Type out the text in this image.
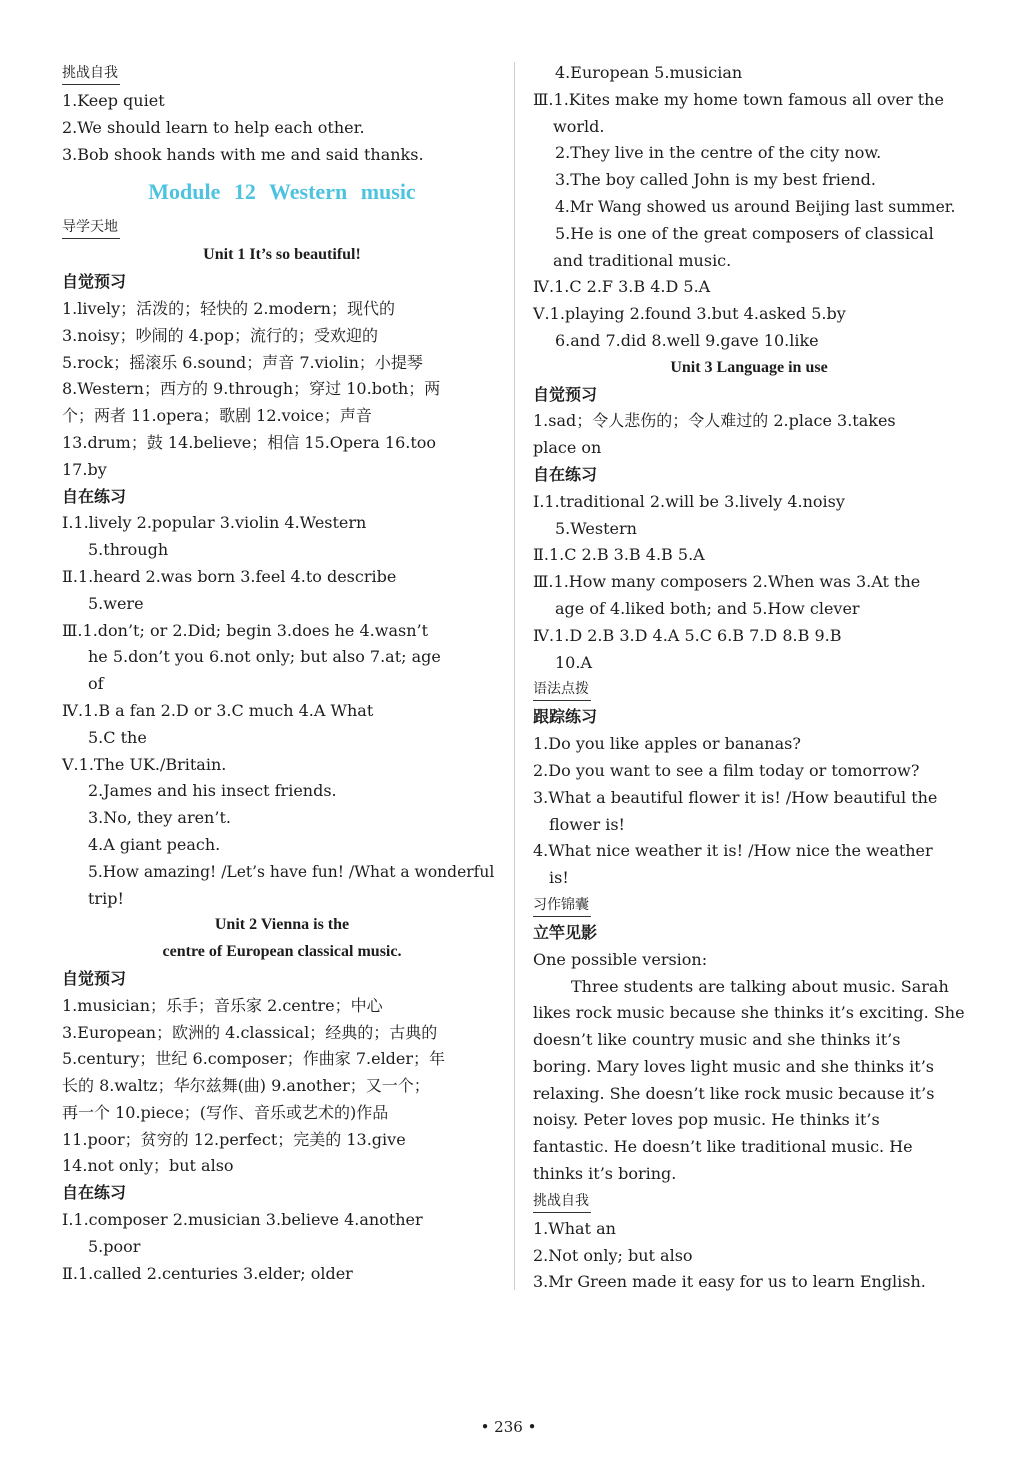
挑战自我
1.Keep quiet
2.We should learn to help each other.
3.Bob shook hands with me and said thanks.
Module 12 Western music
导学天地
Unit 1 It’s so beautiful!
自觉预习
1.lively；活泼的；轻快的 2.modern；现代的
3.noisy；吵闹的 4.pop；流行的；受欢迎的
5.rock；摇滚乐 6.sound；声音 7.violin；小提琴
8.Western；西方的 9.through；穿过 10.both；两
个；两者 11.opera；歌剧 12.voice；声音
13.drum；鼓 14.believe；相信 15.Opera 16.too
17.by
自在练习
Ⅰ.1.lively 2.popular 3.violin 4.Western
5.through
Ⅱ.1.heard 2.was born 3.feel 4.to describe
5.were
Ⅲ.1.don’t; or 2.Did; begin 3.does he 4.wasn’t
he 5.don’t you 6.not only; but also 7.at; age
of
Ⅳ.1.B a fan 2.D or 3.C much 4.A What
5.C the
Ⅴ.1.The UK./Britain.
2.James and his insect friends.
3.No, they aren’t.
4.A giant peach.
5.How amazing! /Let’s have fun! /What a wonderful
trip!
Unit 2 Vienna is the
centre of European classical music.
自觉预习
1.musician；乐手；音乐家 2.centre；中心
3.European；欧洲的 4.classical；经典的；古典的
5.century；世纪 6.composer；作曲家 7.elder；年
长的 8.waltz；华尔兹舞(曲) 9.another；又一个；
再一个 10.piece；(写作、音乐或艺术的)作品
11.poor；贫穷的 12.perfect；完美的 13.give
14.not only；but also
自在练习
Ⅰ.1.composer 2.musician 3.believe 4.another
5.poor
Ⅱ.1.called 2.centuries 3.elder; older
4.European 5.musician
Ⅲ.1.Kites make my home town famous all over the
world.
2.They live in the centre of the city now.
3.The boy called John is my best friend.
4.Mr Wang showed us around Beijing last summer.
5.He is one of the great composers of classical
and traditional music.
Ⅳ.1.C 2.F 3.B 4.D 5.A
Ⅴ.1.playing 2.found 3.but 4.asked 5.by
6.and 7.did 8.well 9.gave 10.like
Unit 3 Language in use
自觉预习
1.sad；令人悲伤的；令人难过的 2.place 3.takes
place on
自在练习
Ⅰ.1.traditional 2.will be 3.lively 4.noisy
5.Western
Ⅱ.1.C 2.B 3.B 4.B 5.A
Ⅲ.1.How many composers 2.When was 3.At the
age of 4.liked both; and 5.How clever
Ⅳ.1.D 2.B 3.D 4.A 5.C 6.B 7.D 8.B 9.B
10.A
语法点拨
跟踪练习
1.Do you like apples or bananas?
2.Do you want to see a film today or tomorrow?
3.What a beautiful flower it is! /How beautiful the
flower is!
4.What nice weather it is! /How nice the weather
is!
习作锦囊
立竿见影
One possible version:
Three students are talking about music. Sarah
likes rock music because she thinks it’s exciting. She
doesn’t like country music and she thinks it’s
boring. Mary loves light music and she thinks it’s
relaxing. She doesn’t like rock music because it’s
noisy. Peter loves pop music. He thinks it’s
fantastic. He doesn’t like traditional music. He
thinks it’s boring.
挑战自我
1.What an
2.Not only; but also
3.Mr Green made it easy for us to learn English.
• 236 •
